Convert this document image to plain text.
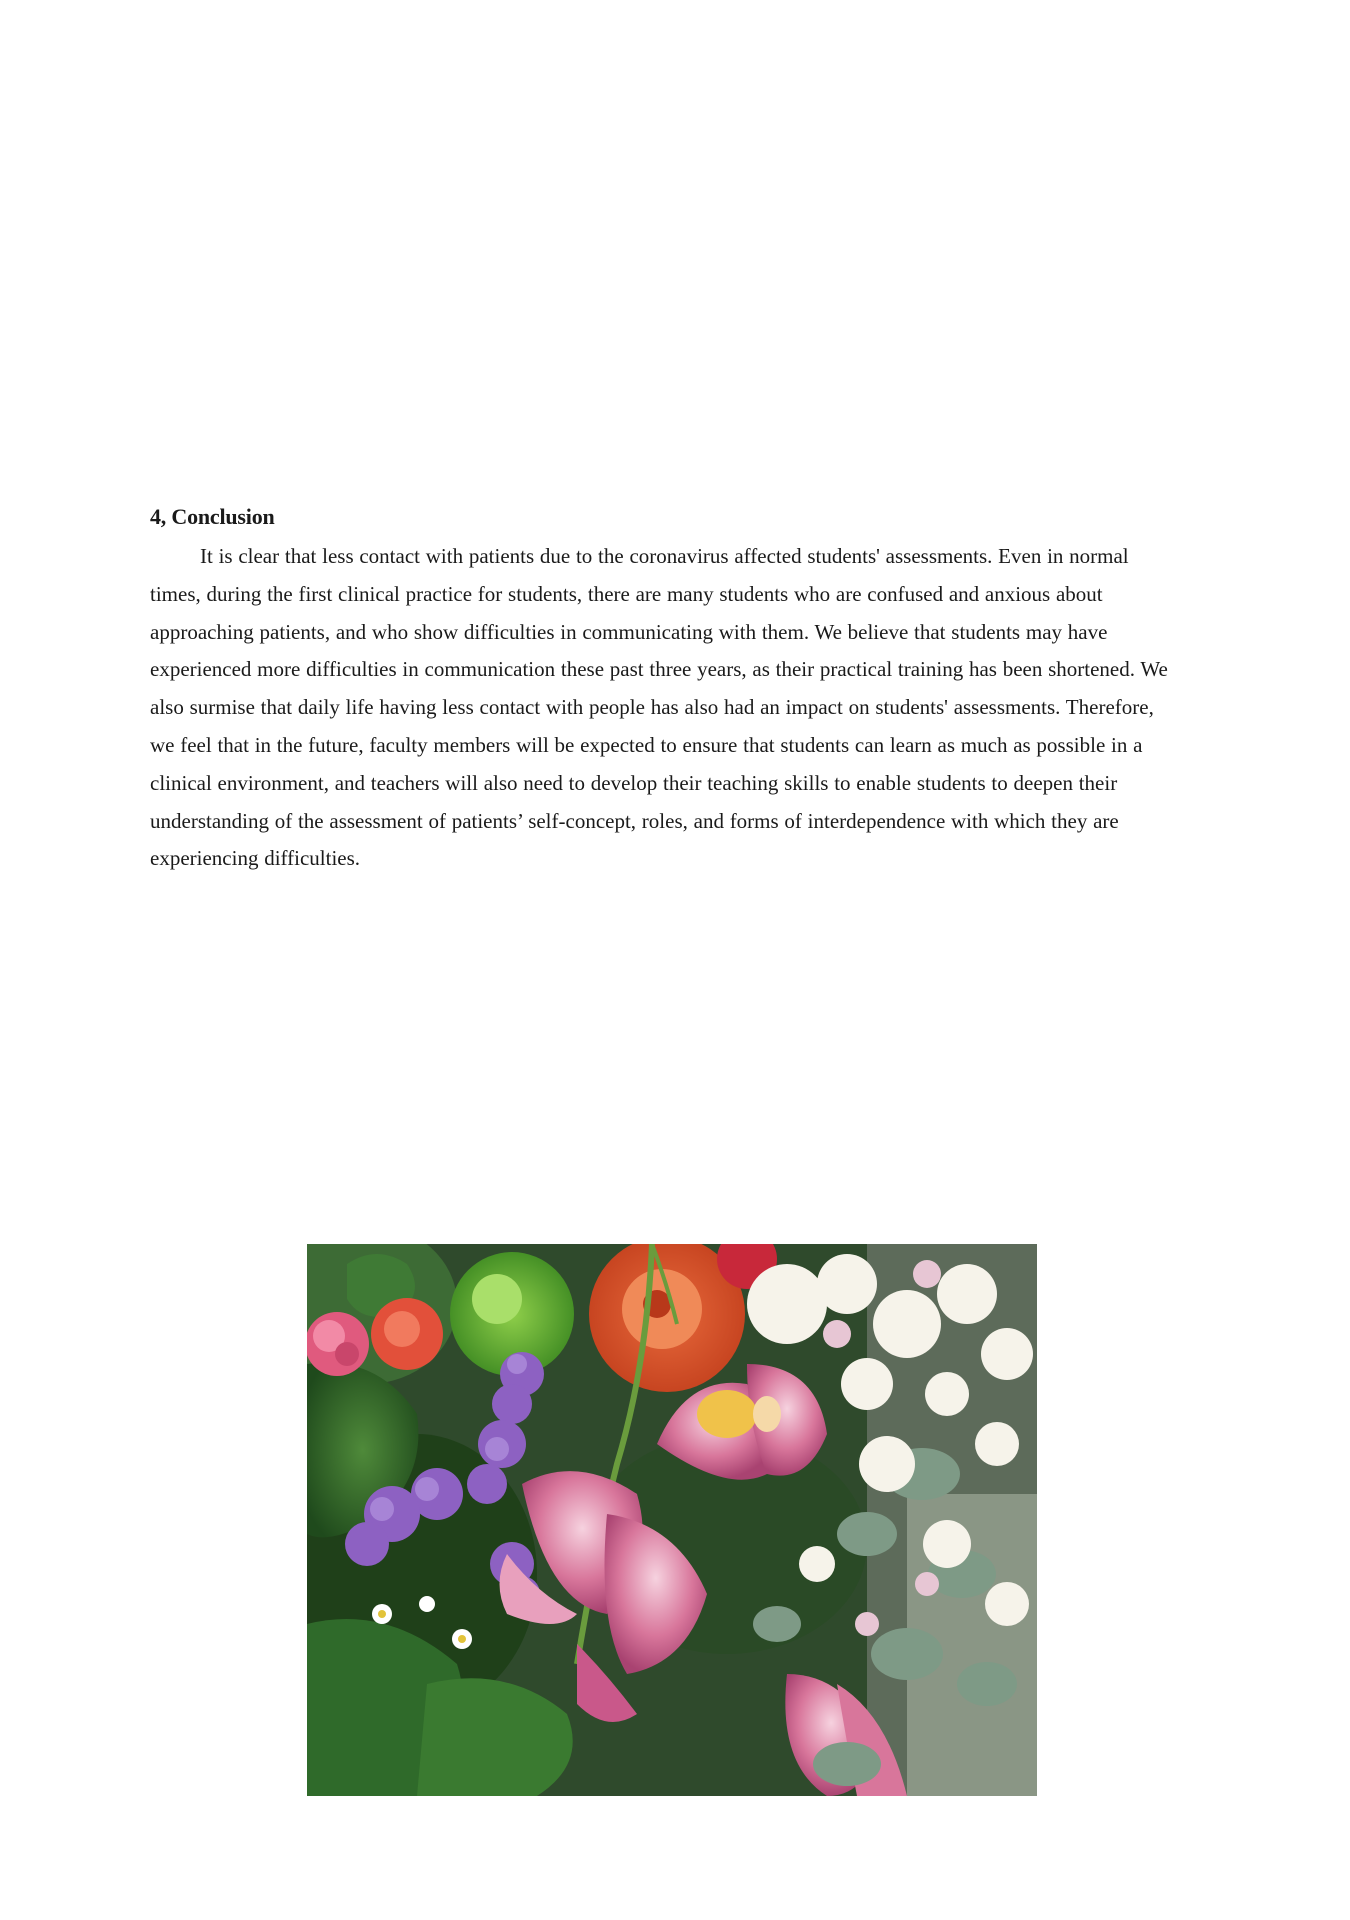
4, Conclusion

It is clear that less contact with patients due to the coronavirus affected students' assessments. Even in normal times, during the first clinical practice for students, there are many students who are confused and anxious about approaching patients, and who show difficulties in communicating with them. We believe that students may have experienced more difficulties in communication these past three years, as their practical training has been shortened. We also surmise that daily life having less contact with people has also had an impact on students' assessments. Therefore, we feel that in the future, faculty members will be expected to ensure that students can learn as much as possible in a clinical environment, and teachers will also need to develop their teaching skills to enable students to deepen their understanding of the assessment of patients’ self-concept, roles, and forms of interdependence with which they are experiencing difficulties.
